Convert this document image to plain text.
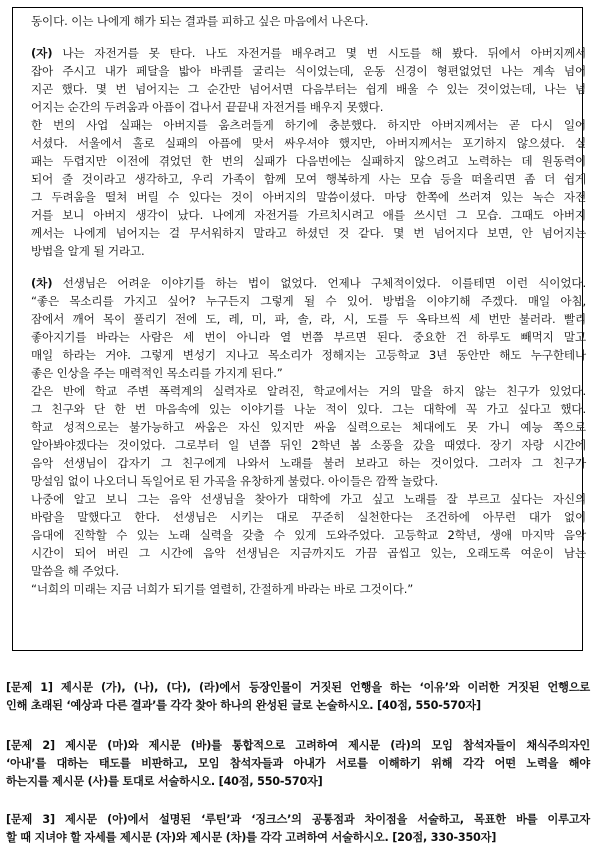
동이다. 이는 나에게 해가 되는 결과를 피하고 싶은 마음에서 나온다.

(자) 나는 자전거를 못 탄다. 나도 자전거를 배우려고 몇 번 시도를 해 봤다. 뒤에서 아버지께서

잡아 주시고 내가 페달을 밟아 바퀴를 굴리는 식이었는데, 운동 신경이 형편없었던 나는 계속 넘어

지곤 했다. 몇 번 넘어지는 그 순간만 넘어서면 다음부터는 쉽게 배울 수 있는 것이었는데, 나는 넘

어지는 순간의 두려움과 아픔이 겁나서 끝끝내 자전거를 배우지 못했다.

한 번의 사업 실패는 아버지를 움츠러들게 하기에 충분했다. 하지만 아버지께서는 곧 다시 일어

서셨다. 서울에서 홀로 실패의 아픔에 맞서 싸우셔야 했지만, 아버지께서는 포기하지 않으셨다. 실

패는 두렵지만 이전에 겪었던 한 번의 실패가 다음번에는 실패하지 않으려고 노력하는 데 원동력이

되어 줄 것이라고 생각하고, 우리 가족이 함께 모여 행복하게 사는 모습 등을 떠올리면 좀 더 쉽게

그 두려움을 떨쳐 버릴 수 있다는 것이 아버지의 말씀이셨다. 마당 한쪽에 쓰러져 있는 녹슨 자전

거를 보니 아버지 생각이 났다. 나에게 자전거를 가르치시려고 애를 쓰시던 그 모습. 그때도 아버지

께서는 나에게 넘어지는 걸 무서워하지 말라고 하셨던 것 같다. 몇 번 넘어지다 보면, 안 넘어지는

방법을 알게 될 거라고.

(차) 선생님은 어려운 이야기를 하는 법이 없었다. 언제나 구체적이었다. 이를테면 이런 식이었다.

“좋은 목소리를 가지고 싶어? 누구든지 그렇게 될 수 있어. 방법을 이야기해 주겠다. 매일 아침,

잠에서 깨어 목이 풀리기 전에 도, 레, 미, 파, 솔, 라, 시, 도를 두 옥타브씩 세 번만 불러라. 빨리

좋아지기를 바라는 사람은 세 번이 아니라 열 번쯤 부르면 된다. 중요한 건 하루도 빼먹지 말고

매일 하라는 거야. 그렇게 변성기 지나고 목소리가 정해지는 고등학교 3년 동안만 해도 누구한테나

좋은 인상을 주는 매력적인 목소리를 가지게 된다.”

같은 반에 학교 주변 폭력계의 실력자로 알려진, 학교에서는 거의 말을 하지 않는 친구가 있었다.

그 친구와 단 한 번 마음속에 있는 이야기를 나눈 적이 있다. 그는 대학에 꼭 가고 싶다고 했다.

학교 성적으로는 불가능하고 싸움은 자신 있지만 싸움 실력으로는 체대에도 못 가니 예능 쪽으로

알아봐야겠다는 것이었다. 그로부터 일 년쯤 뒤인 2학년 봄 소풍을 갔을 때였다. 장기 자랑 시간에

음악 선생님이 갑자기 그 친구에게 나와서 노래를 불러 보라고 하는 것이었다. 그러자 그 친구가

망설임 없이 나오더니 독일어로 된 가곡을 유창하게 불렀다. 아이들은 깜짝 놀랐다.

나중에 알고 보니 그는 음악 선생님을 찾아가 대학에 가고 싶고 노래를 잘 부르고 싶다는 자신의

바람을 말했다고 한다. 선생님은 시키는 대로 꾸준히 실천한다는 조건하에 아무런 대가 없이

음대에 진학할 수 있는 노래 실력을 갖출 수 있게 도와주었다. 고등학교 2학년, 생애 마지막 음악

시간이 되어 버린 그 시간에 음악 선생님은 지금까지도 가끔 곱씹고 있는, 오래도록 여운이 남는

말씀을 해 주었다.

“너희의 미래는 지금 너희가 되기를 열렬히, 간절하게 바라는 바로 그것이다.”

[문제 1] 제시문 (가), (나), (다), (라)에서 등장인물이 거짓된 언행을 하는 ‘이유’와 이러한 거짓된 언행으로

인해 초래된 ‘예상과 다른 결과’를 각각 찾아 하나의 완성된 글로 논술하시오. [40점, 550-570자]

[문제 2] 제시문 (마)와 제시문 (바)를 통합적으로 고려하여 제시문 (라)의 모임 참석자들이 채식주의자인

‘아내’를 대하는 태도를 비판하고, 모임 참석자들과 아내가 서로를 이해하기 위해 각각 어떤 노력을 해야

하는지를 제시문 (사)를 토대로 서술하시오. [40점, 550-570자]

[문제 3] 제시문 (아)에서 설명된 ‘루틴’과 ‘징크스’의 공통점과 차이점을 서술하고, 목표한 바를 이루고자

할 때 지녀야 할 자세를 제시문 (자)와 제시문 (차)를 각각 고려하여 서술하시오. [20점, 330-350자]
